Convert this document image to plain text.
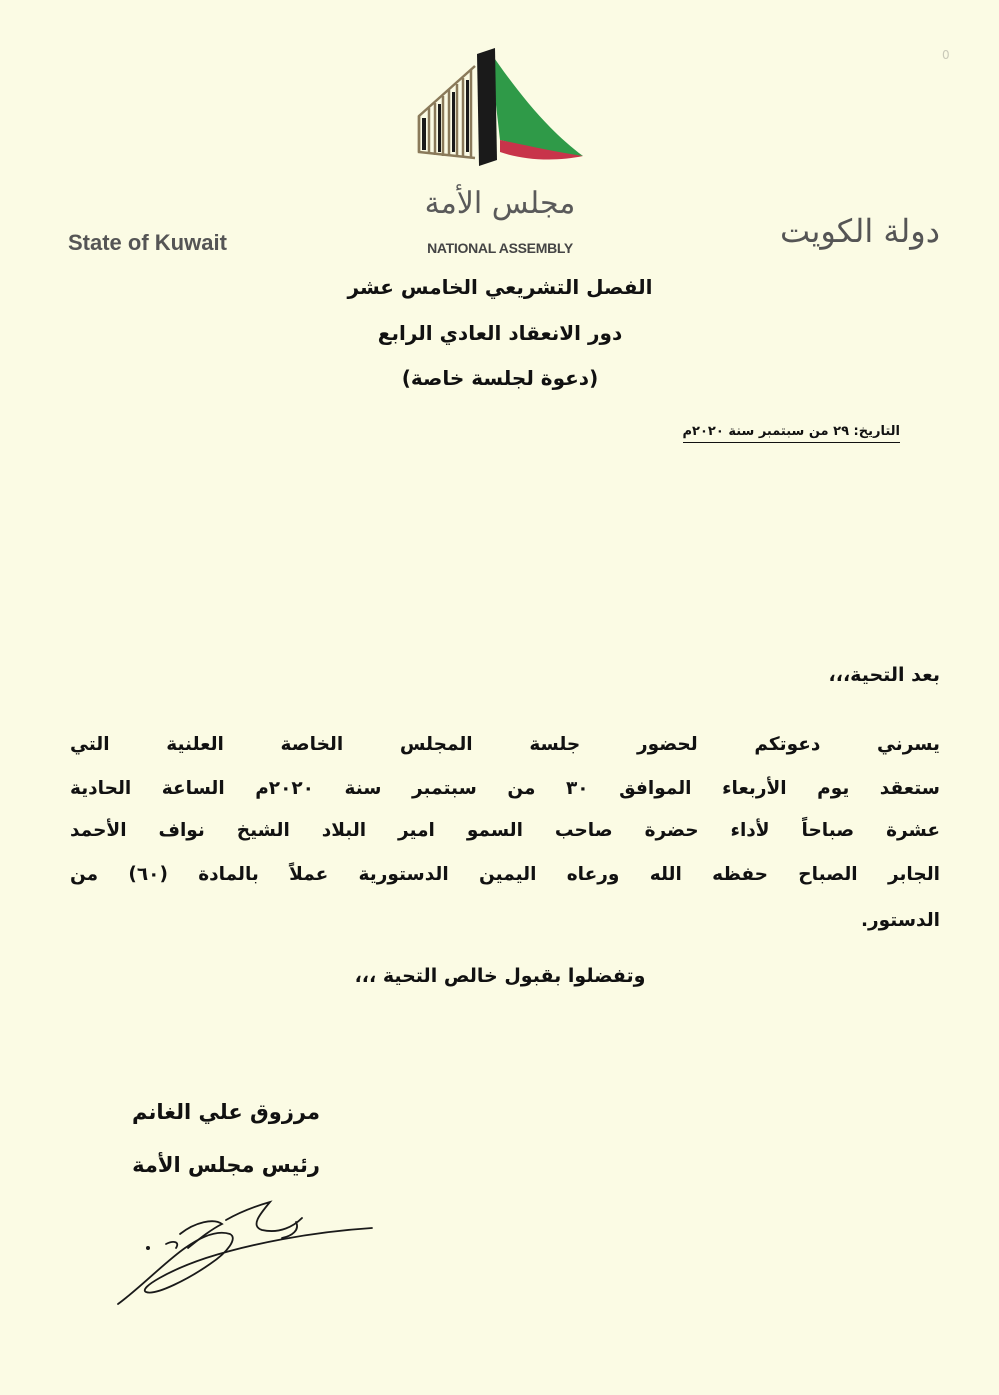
0
مجلس الأمة
NATIONAL ASSEMBLY
State of Kuwait	دولة الكويت
الفصل التشريعي الخامس عشر
دور الانعقاد العادي الرابع
(دعوة لجلسة خاصة)
التاريخ: ٢٩ من سبتمبر سنة ٢٠٢٠م
بعد التحية،،،
يسرني دعوتكم لحضور جلسة المجلس الخاصة العلنية التي
ستعقد يوم الأربعاء الموافق ٣٠ من سبتمبر سنة ٢٠٢٠م الساعة الحادية
عشرة صباحاً لأداء حضرة صاحب السمو امير البلاد الشيخ نواف الأحمد
الجابر الصباح حفظه الله ورعاه اليمين الدستورية عملاً بالمادة (٦٠) من
الدستور.
وتفضلوا بقبول خالص التحية ،،،
مرزوق علي الغانم
رئيس مجلس الأمة
